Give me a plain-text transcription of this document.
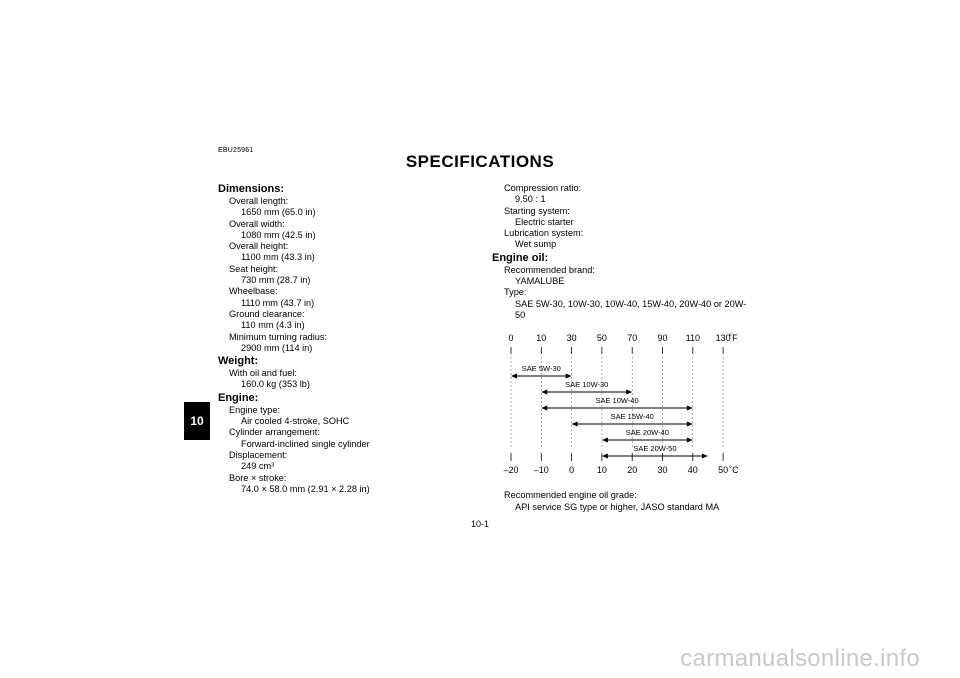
EBU25961
SPECIFICATIONS
10
Dimensions:
Overall length:
1650 mm (65.0 in)
Overall width:
1080 mm (42.5 in)
Overall height:
1100 mm (43.3 in)
Seat height:
730 mm (28.7 in)
Wheelbase:
1110 mm (43.7 in)
Ground clearance:
110 mm (4.3 in)
Minimum turning radius:
2900 mm (114 in)
Weight:
With oil and fuel:
160.0 kg (353 lb)
Engine:
Engine type:
Air cooled 4-stroke, SOHC
Cylinder arrangement:
Forward-inclined single cylinder
Displacement:
249 cm³
Bore × stroke:
74.0 × 58.0 mm (2.91 × 2.28 in)
Compression ratio:
9.50 : 1
Starting system:
Electric starter
Lubrication system:
Wet sump
Engine oil:
Recommended brand:
YAMALUBE
Type:
SAE 5W-30, 10W-30, 10W-40, 15W-40, 20W-40 or 20W-50
Recommended engine oil grade:
API service SG type or higher, JASO standard MA
0
–20
10
–10
30
0
50
10
70
20
90
30
110
40
130
50
˚F
˚C
SAE 5W-30
SAE 10W-30
SAE 10W-40
SAE 15W-40
SAE 20W-40
SAE 20W-50
10-1
carmanualsonline.info
